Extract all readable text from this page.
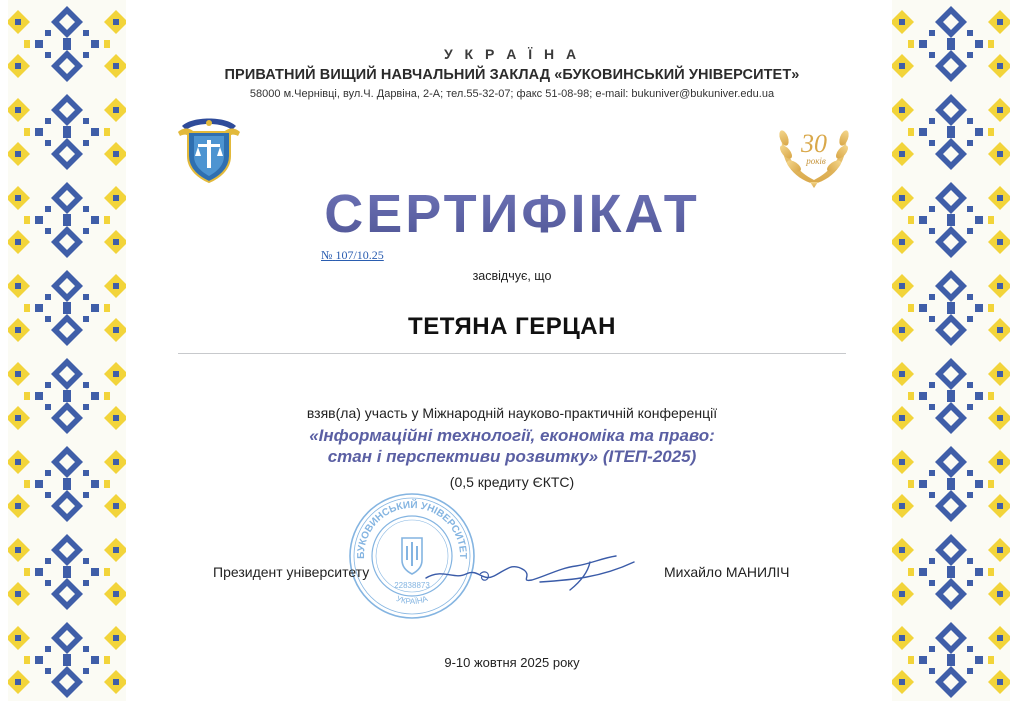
У К Р А Ї Н А
ПРИВАТНИЙ ВИЩИЙ НАВЧАЛЬНИЙ ЗАКЛАД «БУКОВИНСЬКИЙ УНІВЕРСИТЕТ»
58000 м.Чернівці, вул.Ч. Дарвіна, 2-А; тел.55-32-07; факс 51-08-98; e-mail: bukuniver@bukuniver.edu.ua
30
років
СЕРТИФІКАТ
№ 107/10.25
засвідчує, що
ТЕТЯНА ГЕРЦАН
взяв(ла) участь у Міжнародній науково-практичній конференції
«Інформаційні технології, економіка та право:
стан і перспективи розвитку» (ІТЕП-2025)
(0,5 кредиту ЄКТС)
БУКОВИНСЬКИЙ УНІВЕРСИТЕТ
УКРАЇНА
22838873
Президент університету	Михайло МАНИЛІЧ
9-10 жовтня 2025 року
